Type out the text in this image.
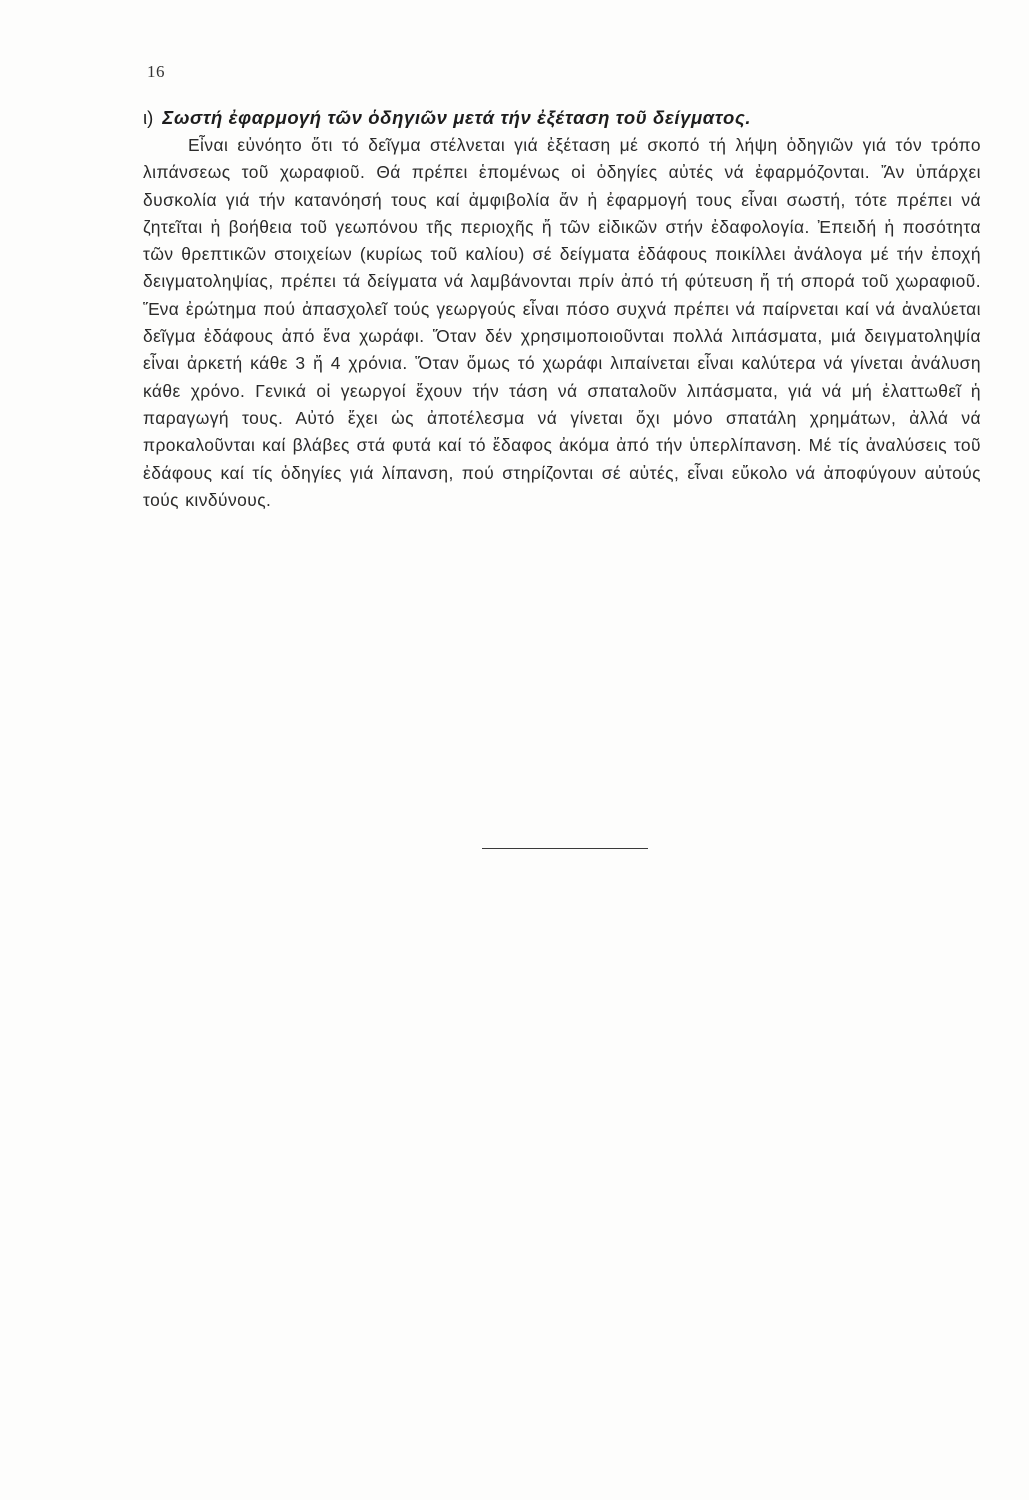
16
ι) Σωστή ἐφαρμογή τῶν ὁδηγιῶν μετά τήν ἐξέταση τοῦ δείγματος.

Εἶναι εὐνόητο ὅτι τό δεῖγμα στέλνεται γιά ἐξέταση μέ σκοπό τή λήψη ὁδηγιῶν γιά τόν τρόπο λιπάνσεως τοῦ χωραφιοῦ. Θά πρέπει ἑπομένως οἱ ὁδηγίες αὐτές νά ἐφαρμόζονται. Ἄν ὑπάρχει δυσκολία γιά τήν κατανόησή τους καί ἀμφιβολία ἄν ἡ ἐφαρμογή τους εἶναι σωστή, τότε πρέπει νά ζητεῖται ἡ βοήθεια τοῦ γεωπόνου τῆς περιοχῆς ἤ τῶν εἰδικῶν στήν ἐδαφολογία. Ἐπειδή ἡ ποσότητα τῶν θρεπτικῶν στοιχείων (κυρίως τοῦ καλίου) σέ δείγματα ἐδάφους ποικίλλει ἀνάλογα μέ τήν ἐποχή δειγματοληψίας, πρέπει τά δείγματα νά λαμβάνονται πρίν ἀπό τή φύτευση ἤ τή σπορά τοῦ χωραφιοῦ. Ἕνα ἐρώτημα πού ἀπασχολεῖ τούς γεωργούς εἶναι πόσο συχνά πρέπει νά παίρνεται καί νά ἀναλύεται δεῖγμα ἐδάφους ἀπό ἕνα χωράφι. Ὅταν δέν χρησιμοποιοῦνται πολλά λιπάσματα, μιά δειγματοληψία εἶναι ἀρκετή κάθε 3 ἤ 4 χρόνια. Ὅταν ὅμως τό χωράφι λιπαίνεται εἶναι καλύτερα νά γίνεται ἀνάλυση κάθε χρόνο. Γενικά οἱ γεωργοί ἔχουν τήν τάση νά σπαταλοῦν λιπάσματα, γιά νά μή ἐλαττωθεῖ ἡ παραγωγή τους. Αὐτό ἔχει ὡς ἀποτέλεσμα νά γίνεται ὄχι μόνο σπατάλη χρημάτων, ἀλλά νά προκαλοῦνται καί βλάβες στά φυτά καί τό ἔδαφος ἀκόμα ἀπό τήν ὑπερλίπανση. Μέ τίς ἀναλύσεις τοῦ ἐδάφους καί τίς ὁδηγίες γιά λίπανση, πού στηρίζονται σέ αὐτές, εἶναι εὔκολο νά ἀποφύγουν αὐτούς τούς κινδύνους.
